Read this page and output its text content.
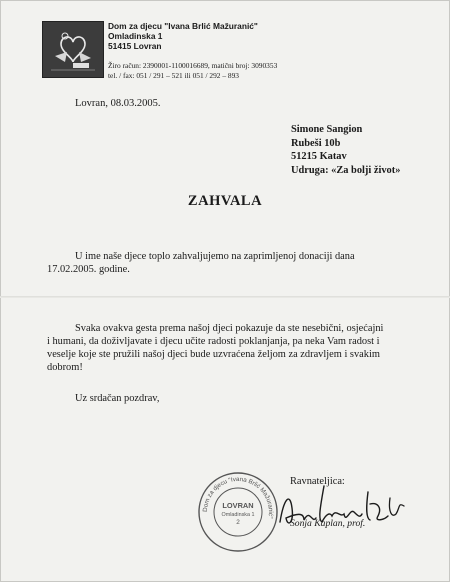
Dom za djecu "Ivana Brlić Mažuranić"
Omladinska 1
51415 Lovran
Žiro račun: 2390001-1100016689, matični broj: 3090353
tel. / fax: 051 / 291 – 521 ili 051 / 292 – 893
Lovran, 08.03.2005.
Simone Sangion
Rubeši 10b
51215 Katav
Udruga: «Za bolji život»
ZAHVALA
U ime naše djece toplo zahvaljujemo na zaprimljenoj donaciji dana
17.02.2005. godine.
Svaka ovakva gesta prema našoj djeci pokazuje da ste nesebični, osjećajni
i humani, da doživljavate i djecu učite radosti poklanjanja, pa neka Vam radost i
veselje koje ste pružili našoj djeci bude uzvraćena željom za zdravljem i svakim
dobrom!
Uz srdačan pozdrav,
Dom za djecu "Ivana Brlić Mažuranić"
LOVRAN
Omladinska 1
2
Ravnateljica:
Sonja Kaplan, prof.
